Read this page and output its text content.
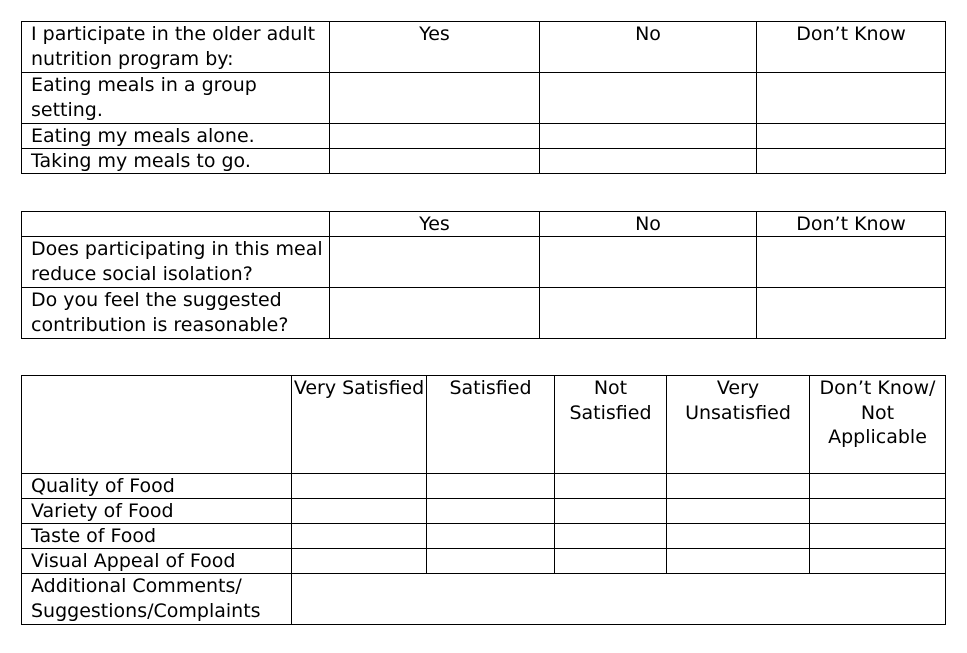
I participate in the older adult nutrition program by:	Yes	No	Don’t Know
Eating meals in a group setting.			
Eating my meals alone.			
Taking my meals to go.			
	Yes	No	Don’t Know
Does participating in this meal reduce social isolation?			
Do you feel the suggested contribution is reasonable?			
	Very Satisfied	Satisfied	Not Satisfied	Very Unsatisfied	Don’t Know/ Not Applicable
Quality of Food					
Variety of Food					
Taste of Food					
Visual Appeal of Food					
Additional Comments/ Suggestions/Complaints					
